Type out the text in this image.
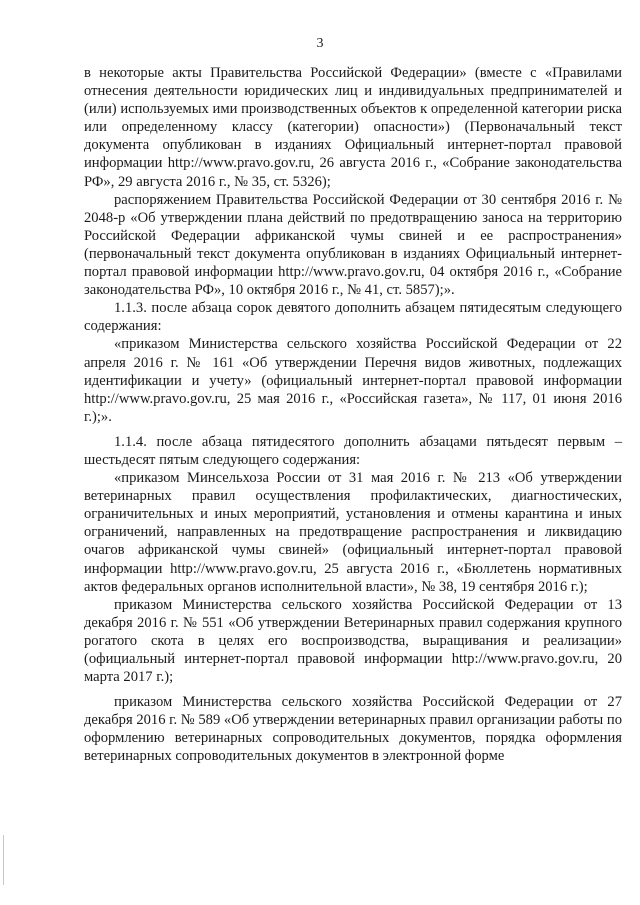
3

в некоторые акты Правительства Российской Федерации» (вместе с «Правилами отнесения деятельности юридических лиц и индивидуальных предпринимателей и (или) используемых ими производственных объектов к определенной категории риска или определенному классу (категории) опасности») (Первоначальный текст документа опубликован в изданиях Официальный интернет-портал правовой информации http://www.pravo.gov.ru, 26 августа 2016 г., «Собрание законодательства РФ», 29 августа 2016 г., № 35, ст. 5326);

распоряжением Правительства Российской Федерации от 30 сентября 2016 г. № 2048-р «Об утверждении плана действий по предотвращению заноса на территорию Российской Федерации африканской чумы свиней и ее распространения» (первоначальный текст документа опубликован в изданиях Официальный интернет-портал правовой информации http://www.pravo.gov.ru, 04 октября 2016 г., «Собрание законодательства РФ», 10 октября 2016 г., № 41, ст. 5857);».

1.1.3. после абзаца сорок девятого дополнить абзацем пятидесятым следующего содержания:

«приказом Министерства сельского хозяйства Российской Федерации от 22 апреля 2016 г. № 161 «Об утверждении Перечня видов животных, подлежащих идентификации и учету» (официальный интернет-портал правовой информации http://www.pravo.gov.ru, 25 мая 2016 г., «Российская газета», № 117, 01 июня 2016 г.);».

1.1.4. после абзаца пятидесятого дополнить абзацами пятьдесят первым – шестьдесят пятым следующего содержания:

«приказом Минсельхоза России от 31 мая 2016 г. № 213 «Об утверждении ветеринарных правил осуществления профилактических, диагностических, ограничительных и иных мероприятий, установления и отмены карантина и иных ограничений, направленных на предотвращение распространения и ликвидацию очагов африканской чумы свиней» (официальный интернет-портал правовой информации http://www.pravo.gov.ru, 25 августа 2016 г., «Бюллетень нормативных актов федеральных органов исполнительной власти», № 38, 19 сентября 2016 г.);

приказом Министерства сельского хозяйства Российской Федерации от 13 декабря 2016 г. № 551 «Об утверждении Ветеринарных правил содержания крупного рогатого скота в целях его воспроизводства, выращивания и реализации» (официальный интернет-портал правовой информации http://www.pravo.gov.ru, 20 марта 2017 г.);

приказом Министерства сельского хозяйства Российской Федерации от 27 декабря 2016 г. № 589 «Об утверждении ветеринарных правил организации работы по оформлению ветеринарных сопроводительных документов, порядка оформления ветеринарных сопроводительных документов в электронной форме
